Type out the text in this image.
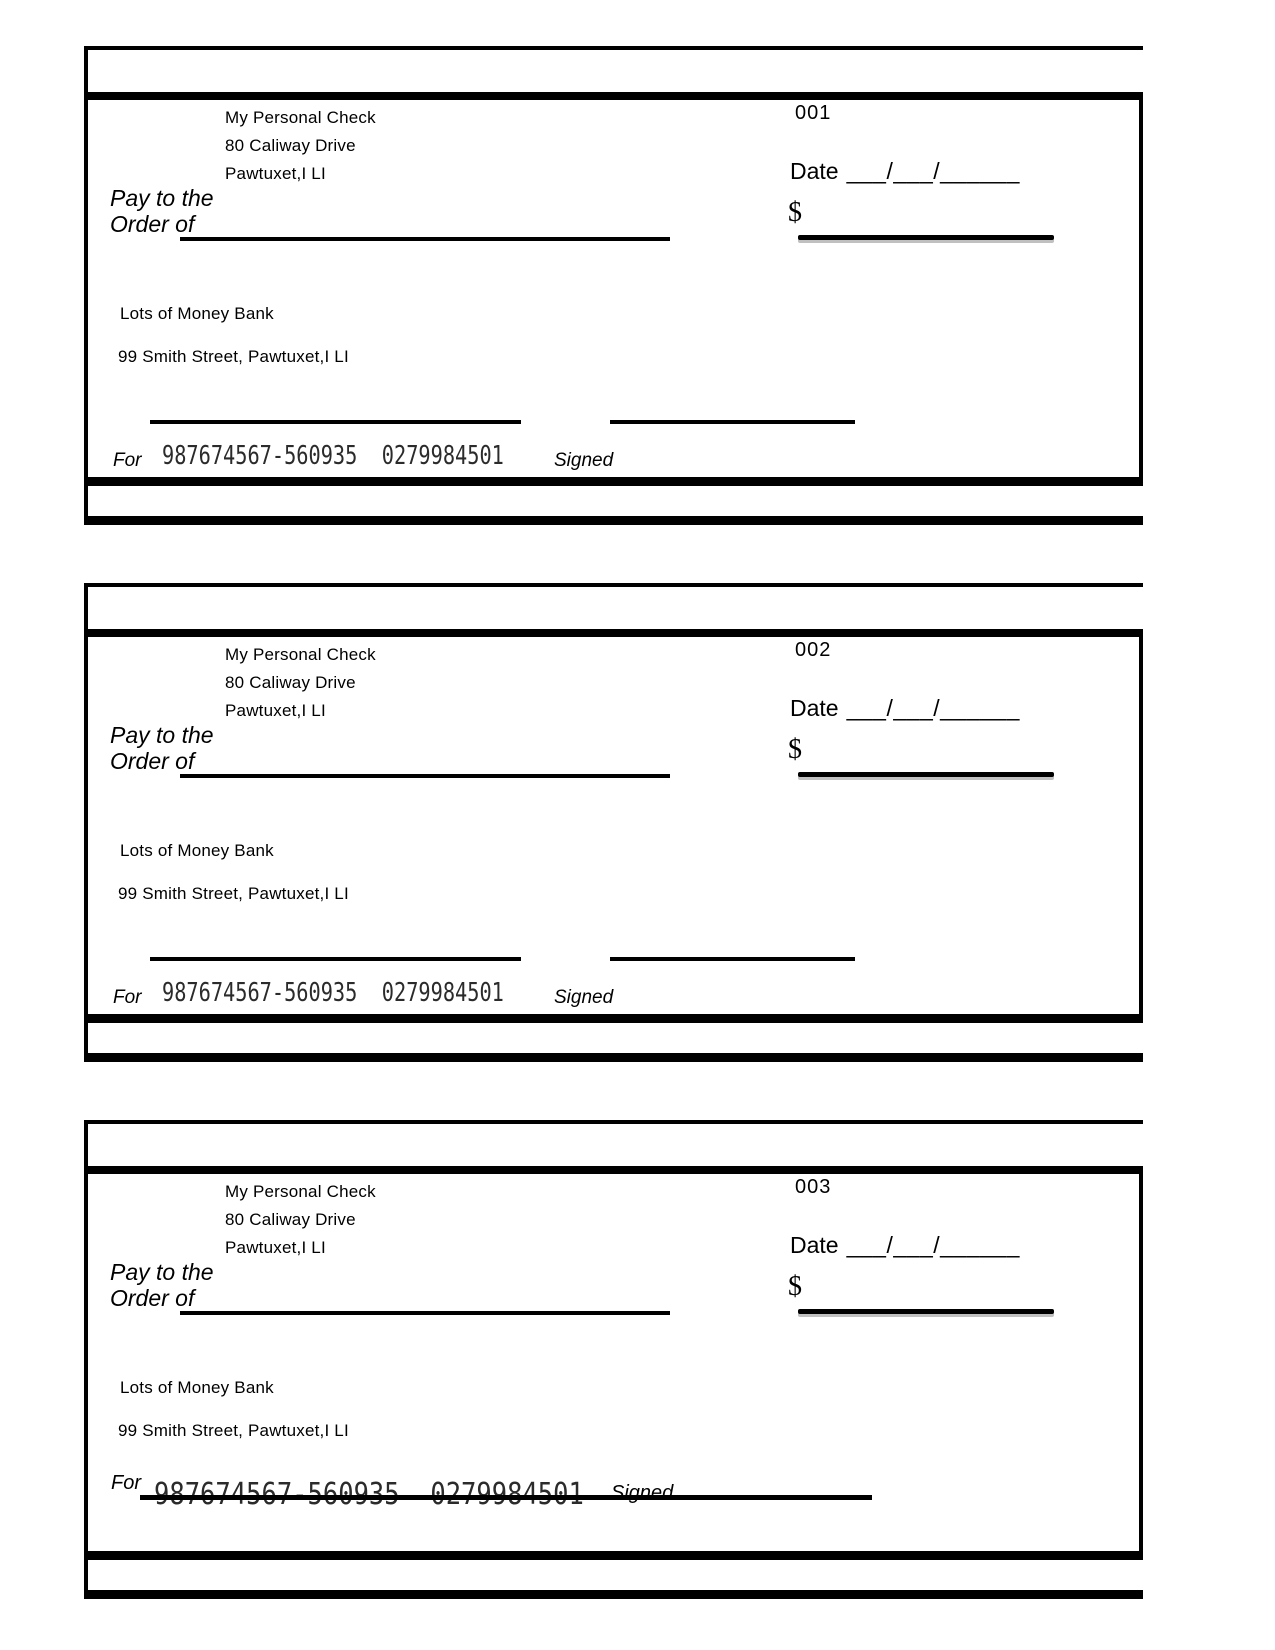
My Personal Check
80 Caliway Drive
Pawtuxet,I LI
001
Date ___/___/______
Pay to the
Order of	$
Lots of Money Bank
99 Smith Street, Pawtuxet,I LI
For 987674567-560935  0279984501	Signed
My Personal Check
80 Caliway Drive
Pawtuxet,I LI
002
Date ___/___/______
Pay to the
Order of	$
Lots of Money Bank
99 Smith Street, Pawtuxet,I LI
For 987674567-560935  0279984501	Signed
My Personal Check
80 Caliway Drive
Pawtuxet,I LI
003
Date ___/___/______
Pay to the
Order of	$
Lots of Money Bank
99 Smith Street, Pawtuxet,I LI
For	Signed
